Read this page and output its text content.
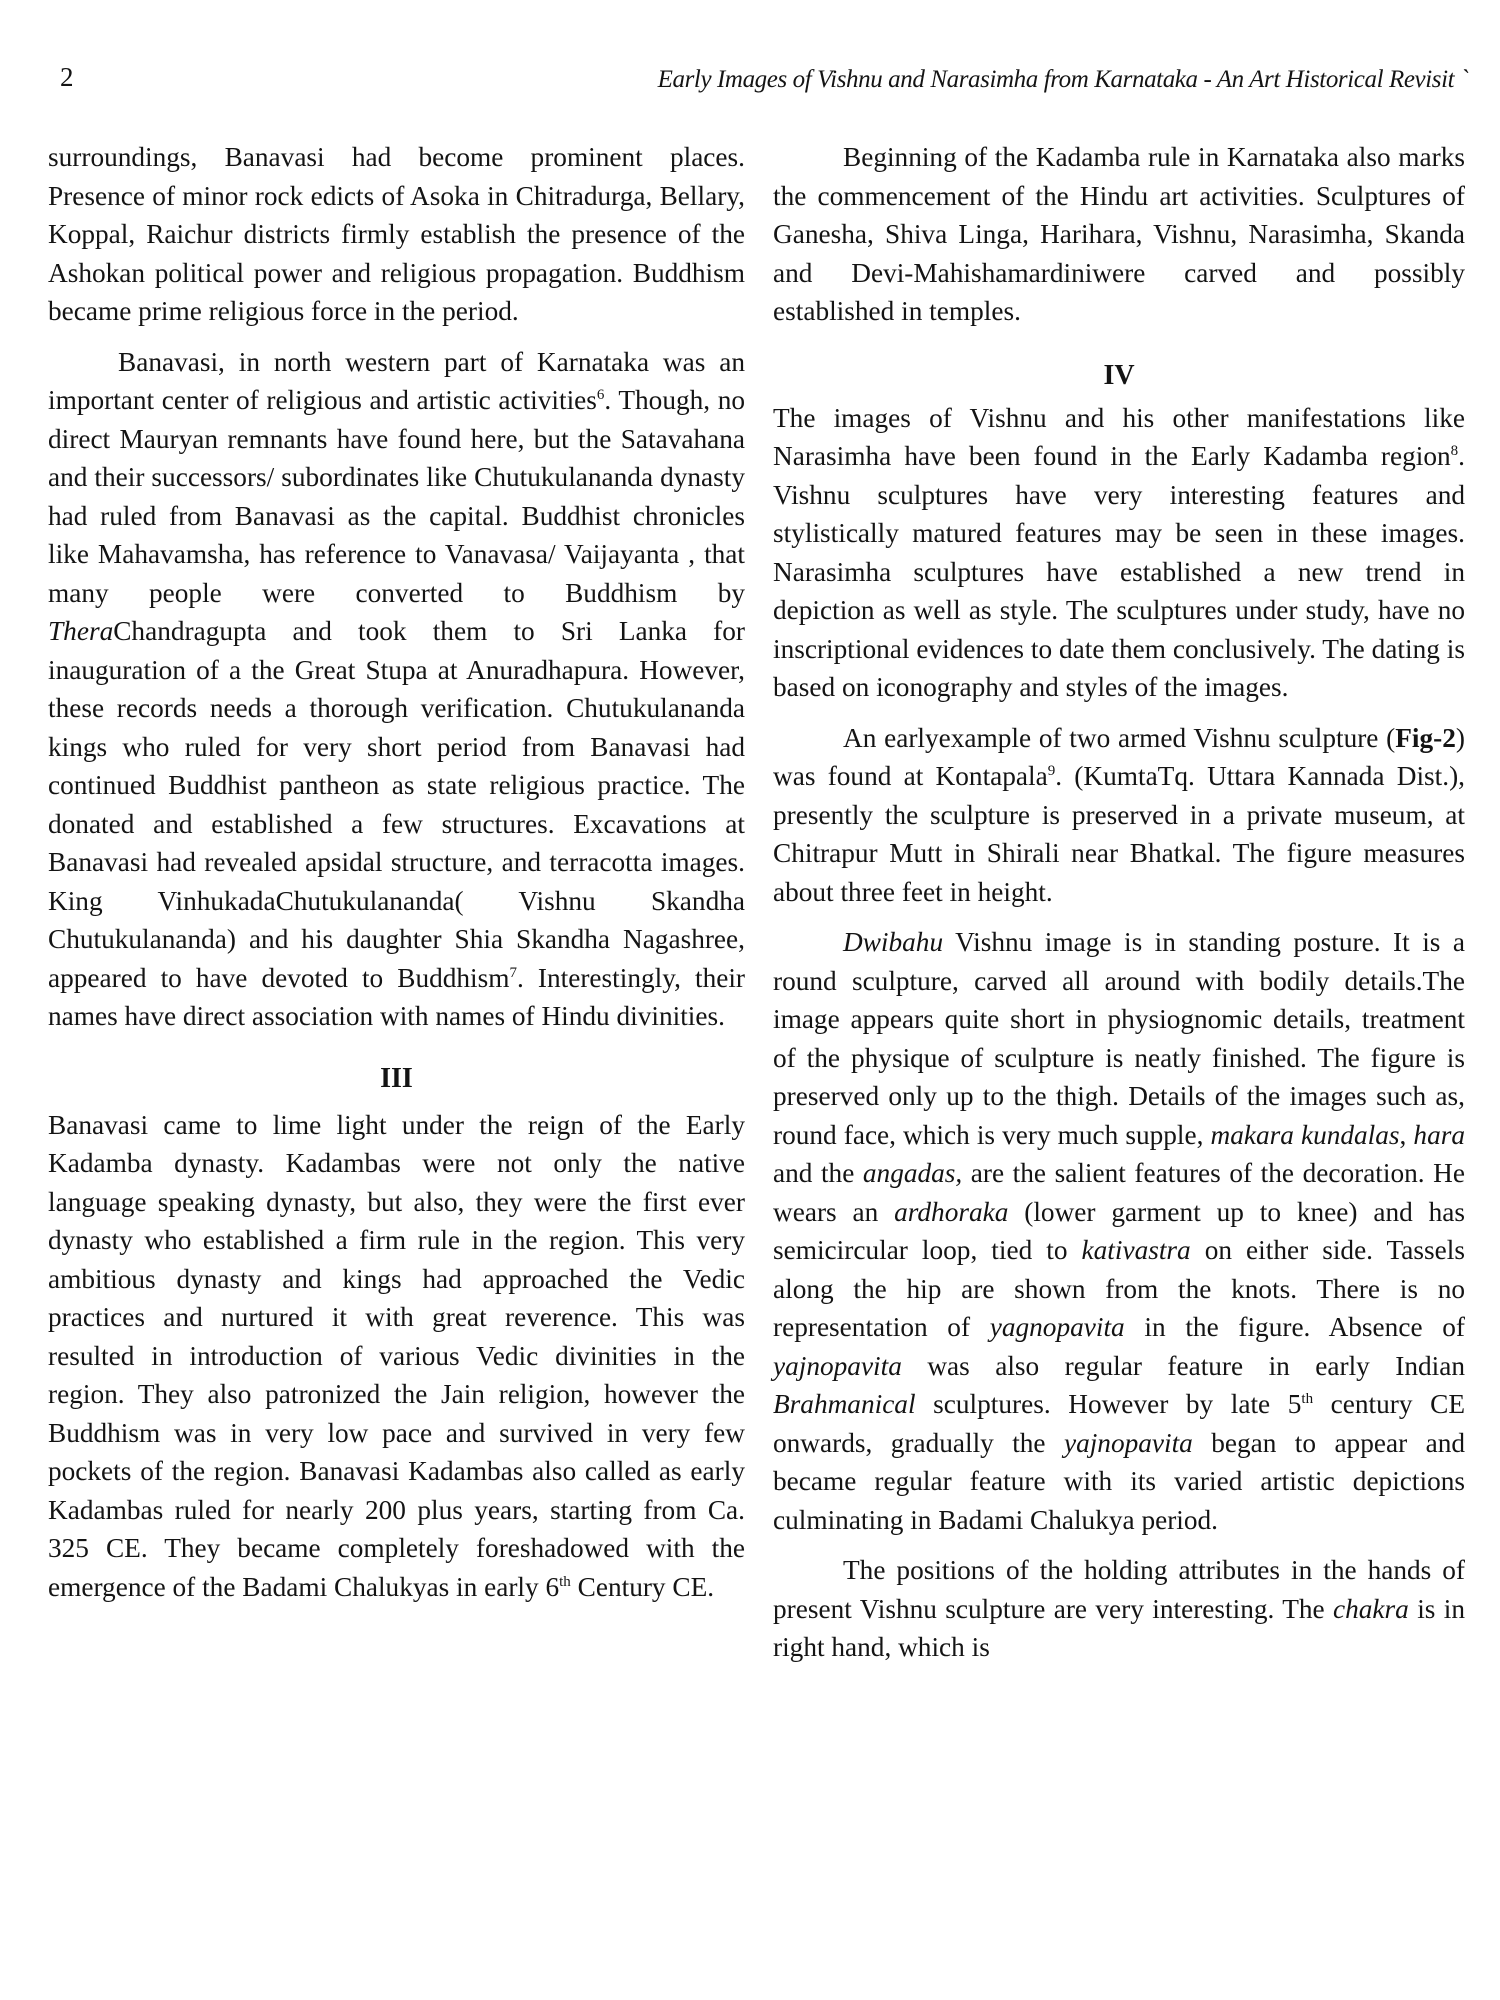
2	Early Images of Vishnu and Narasimha from Karnataka - An Art Historical Revisit `

surroundings, Banavasi had become prominent places. Presence of minor rock edicts of Asoka in Chitradurga, Bellary, Koppal, Raichur districts firmly establish the presence of the Ashokan political power and religious propagation. Buddhism became prime religious force in the period.

Banavasi, in north western part of Karnataka was an important center of religious and artistic activities$^6$. Though, no direct Mauryan remnants have found here, but the Satavahana and their successors/ subordinates like Chutukulananda dynasty had ruled from Banavasi as the capital. Buddhist chronicles like Mahavamsha, has reference to Vanavasa/ Vaijayanta , that many people were converted to Buddhism by TheraChandragupta and took them to Sri Lanka for inauguration of a the Great Stupa at Anuradhapura. However, these records needs a thorough verification. Chutukulananda kings who ruled for very short period from Banavasi had continued Buddhist pantheon as state religious practice. The donated and established a few structures. Excavations at Banavasi had revealed apsidal structure, and terracotta images. King VinhukadaChutukulananda( Vishnu Skandha Chutukulananda) and his daughter Shia Skandha Nagashree, appeared to have devoted to Buddhism$^7$. Interestingly, their names have direct association with names of Hindu divinities.

III

Banavasi came to lime light under the reign of the Early Kadamba dynasty. Kadambas were not only the native language speaking dynasty, but also, they were the first ever dynasty who established a firm rule in the region. This very ambitious dynasty and kings had approached the Vedic practices and nurtured it with great reverence. This was resulted in introduction of various Vedic divinities in the region. They also patronized the Jain religion, however the Buddhism was in very low pace and survived in very few pockets of the region. Banavasi Kadambas also called as early Kadambas ruled for nearly 200 plus years, starting from Ca. 325 CE. They became completely foreshadowed with the emergence of the Badami Chalukyas in early 6th Century CE.

Beginning of the Kadamba rule in Karnataka also marks the commencement of the Hindu art activities. Sculptures of Ganesha, Shiva Linga, Harihara, Vishnu, Narasimha, Skanda and Devi-Mahishamardiniwere carved and possibly established in temples.

IV

The images of Vishnu and his other manifestations like Narasimha have been found in the Early Kadamba region$^8$. Vishnu sculptures have very interesting features and stylistically matured features may be seen in these images. Narasimha sculptures have established a new trend in depiction as well as style. The sculptures under study, have no inscriptional evidences to date them conclusively. The dating is based on iconography and styles of the images.

An earlyexample of two armed Vishnu sculpture (Fig-2) was found at Kontapala$^9$. (KumtaTq. Uttara Kannada Dist.), presently the sculpture is preserved in a private museum, at Chitrapur Mutt in Shirali near Bhatkal. The figure measures about three feet in height.

Dwibahu Vishnu image is in standing posture. It is a round sculpture, carved all around with bodily details.The image appears quite short in physiognomic details, treatment of the physique of sculpture is neatly finished. The figure is preserved only up to the thigh. Details of the images such as, round face, which is very much supple, makara kundalas, hara and the angadas, are the salient features of the decoration. He wears an ardhoraka (lower garment up to knee) and has semicircular loop, tied to kativastra on either side. Tassels along the hip are shown from the knots. There is no representation of yagnopavita in the figure. Absence of yajnopavita was also regular feature in early Indian Brahmanical sculptures. However by late 5th century CE onwards, gradually the yajnopavita began to appear and became regular feature with its varied artistic depictions culminating in Badami Chalukya period.

The positions of the holding attributes in the hands of present Vishnu sculpture are very interesting. The chakra is in right hand, which is
